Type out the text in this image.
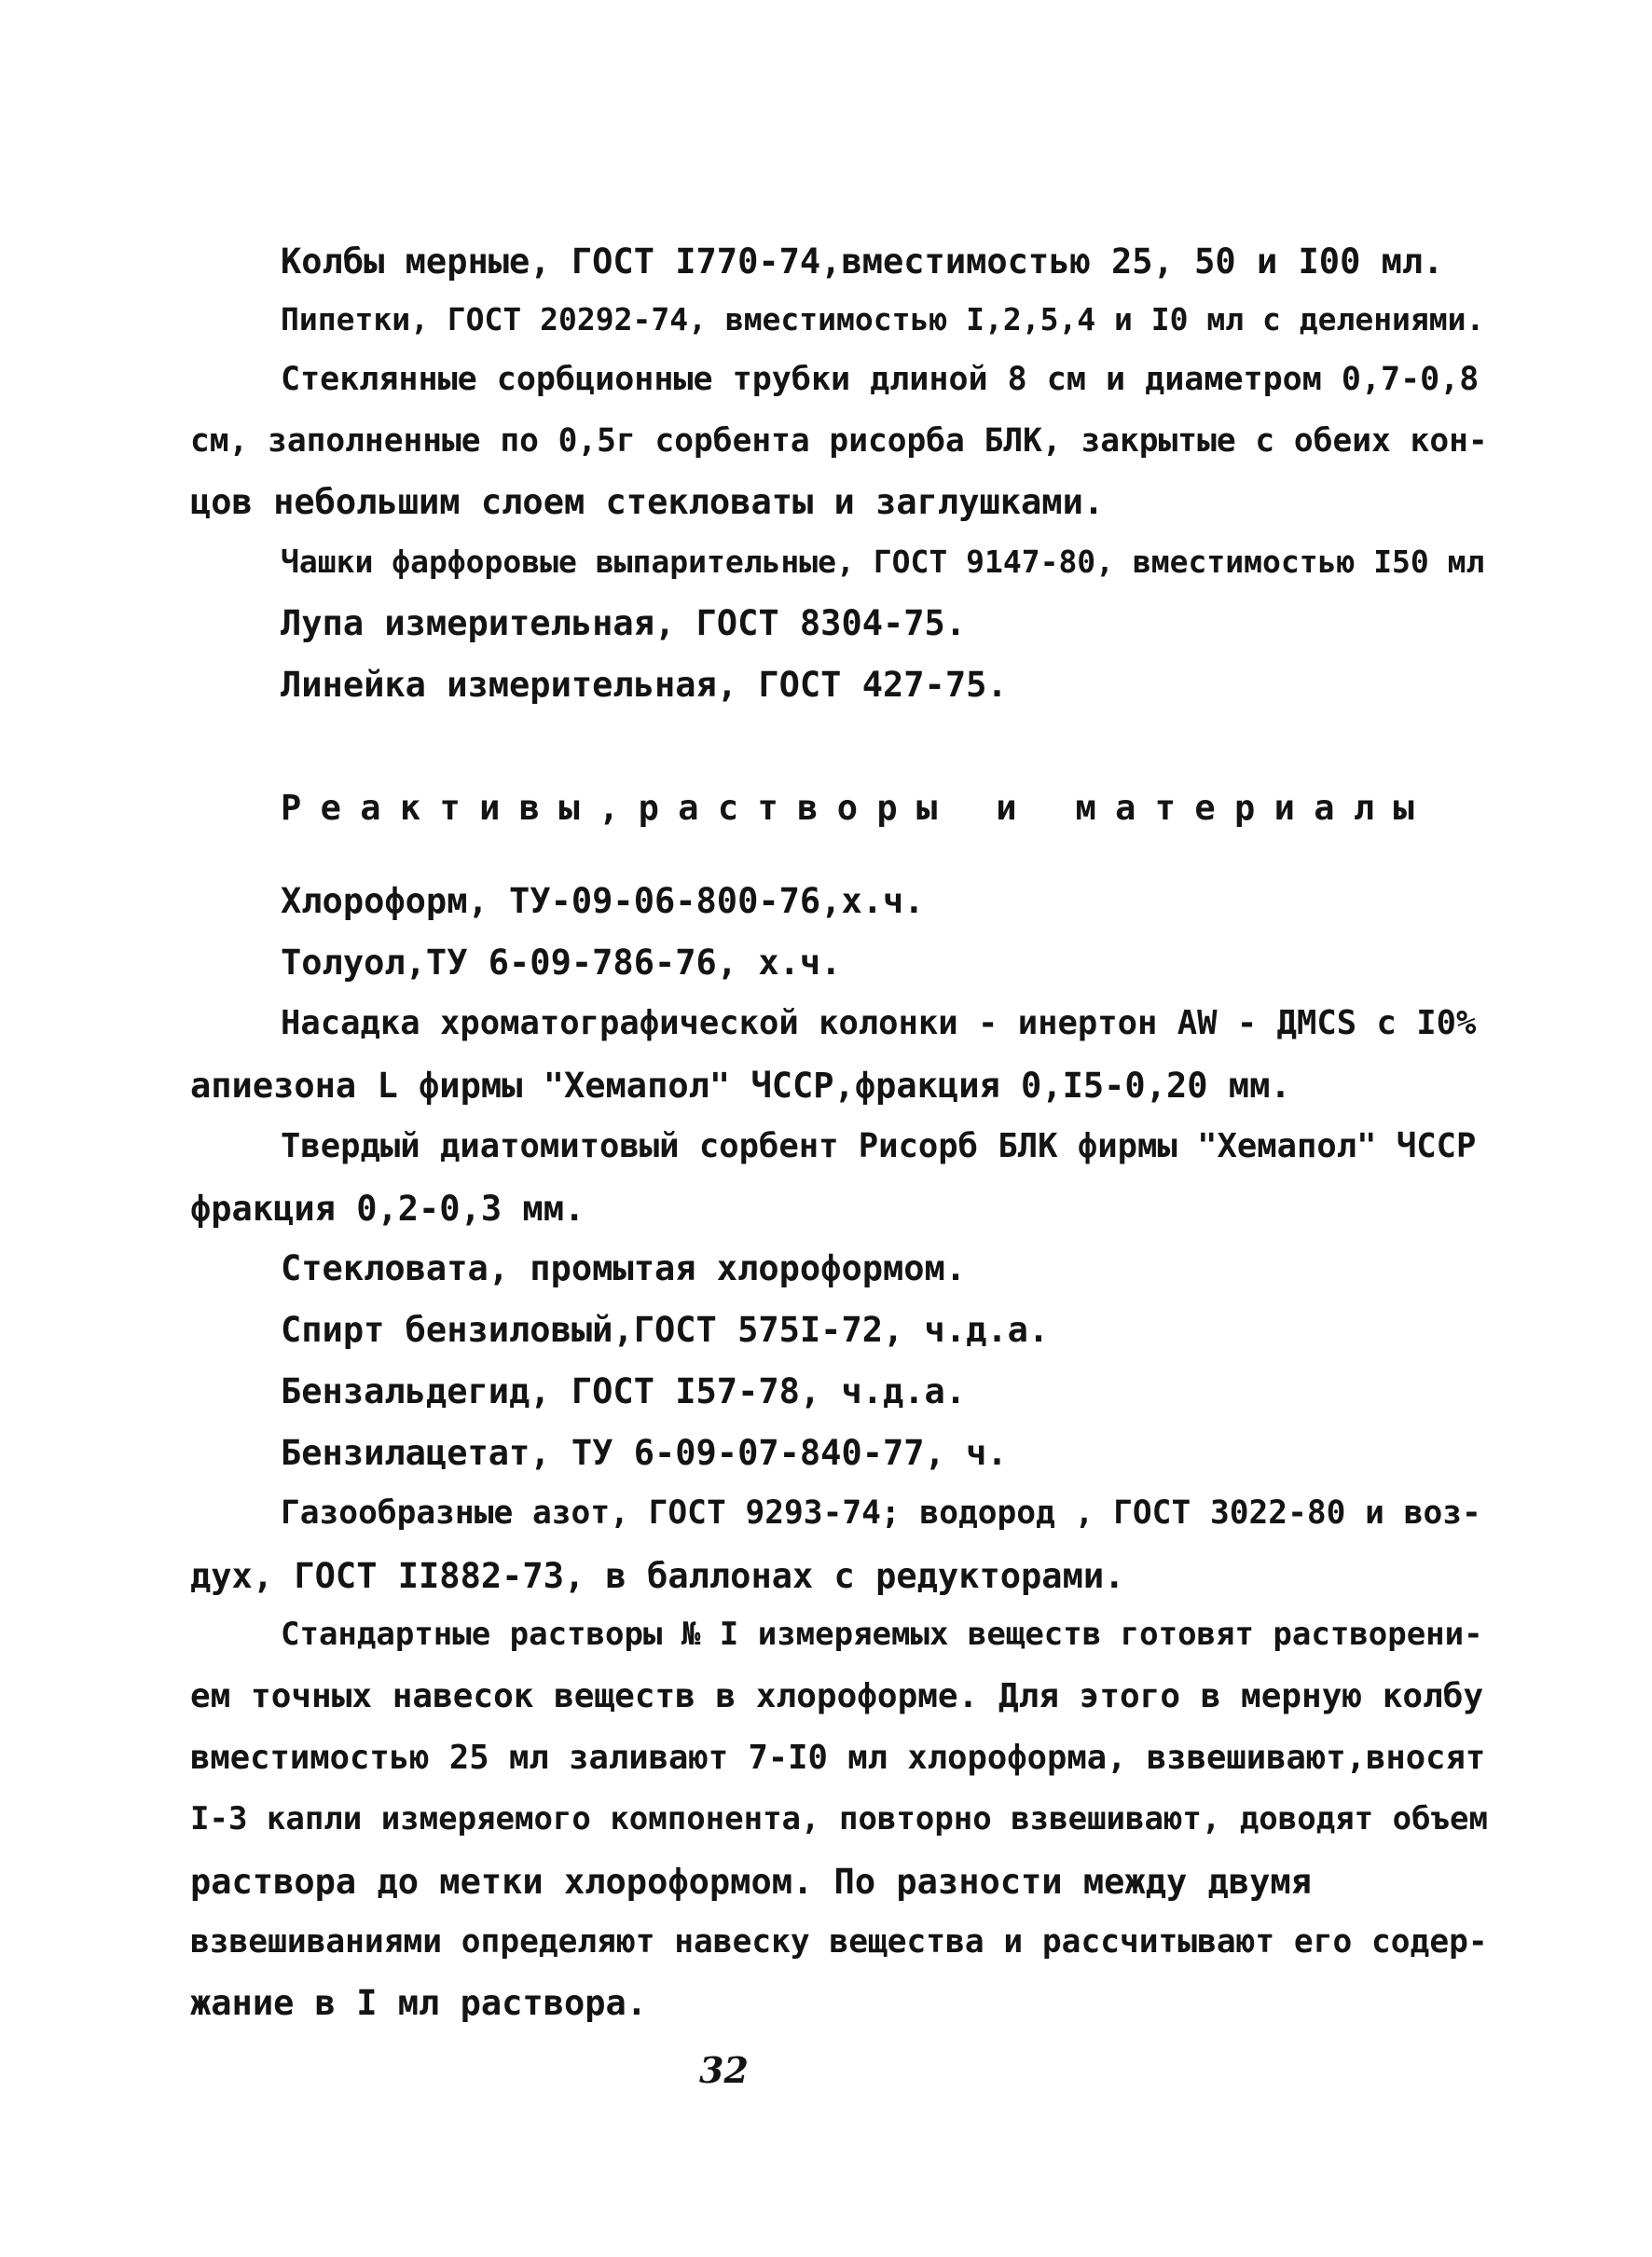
Колбы мерные, ГОСТ I770-74,вместимостью 25, 50 и I00 мл.
Пипетки, ГОСТ 20292-74, вместимостью I,2,5,4 и I0 мл с делениями.
Стеклянные сорбционные трубки длиной 8 см и диаметром 0,7-0,8
см, заполненные по 0,5г сорбента рисорба БЛК, закрытые с обеих кон-
цов небольшим слоем стекловаты и заглушками.
Чашки фарфоровые выпарительные, ГОСТ 9147-80, вместимостью I50 мл
Лупа измерительная, ГОСТ 8304-75.
Линейка измерительная, ГОСТ 427-75.
Реактивы,растворы и материалы
Хлороформ, ТУ-09-06-800-76,х.ч.
Толуол,ТУ 6-09-786-76, х.ч.
Насадка хроматографической колонки - инертон AW - ДМСS с I0%
апиезона L фирмы "Хемапол" ЧССР,фракция 0,I5-0,20 мм.
Твердый диатомитовый сорбент Рисорб БЛК фирмы "Хемапол" ЧССР
фракция 0,2-0,3 мм.
Стекловата, промытая хлороформом.
Спирт бензиловый,ГОСТ 575I-72, ч.д.а.
Бензальдегид, ГОСТ I57-78, ч.д.а.
Бензилацетат, ТУ 6-09-07-840-77, ч.
Газообразные азот, ГОСТ 9293-74; водород , ГОСТ 3022-80 и воз-
дух, ГОСТ II882-73, в баллонах с редукторами.
Стандартные растворы № I измеряемых веществ готовят растворени-
ем точных навесок веществ в хлороформе. Для этого в мерную колбу
вместимостью 25 мл заливают 7-I0 мл хлороформа, взвешивают,вносят
I-3 капли измеряемого компонента, повторно взвешивают, доводят объем
раствора до метки хлороформом. По разности между двумя
взвешиваниями определяют навеску вещества и рассчитывают его содер-
жание в I мл раствора.
32
